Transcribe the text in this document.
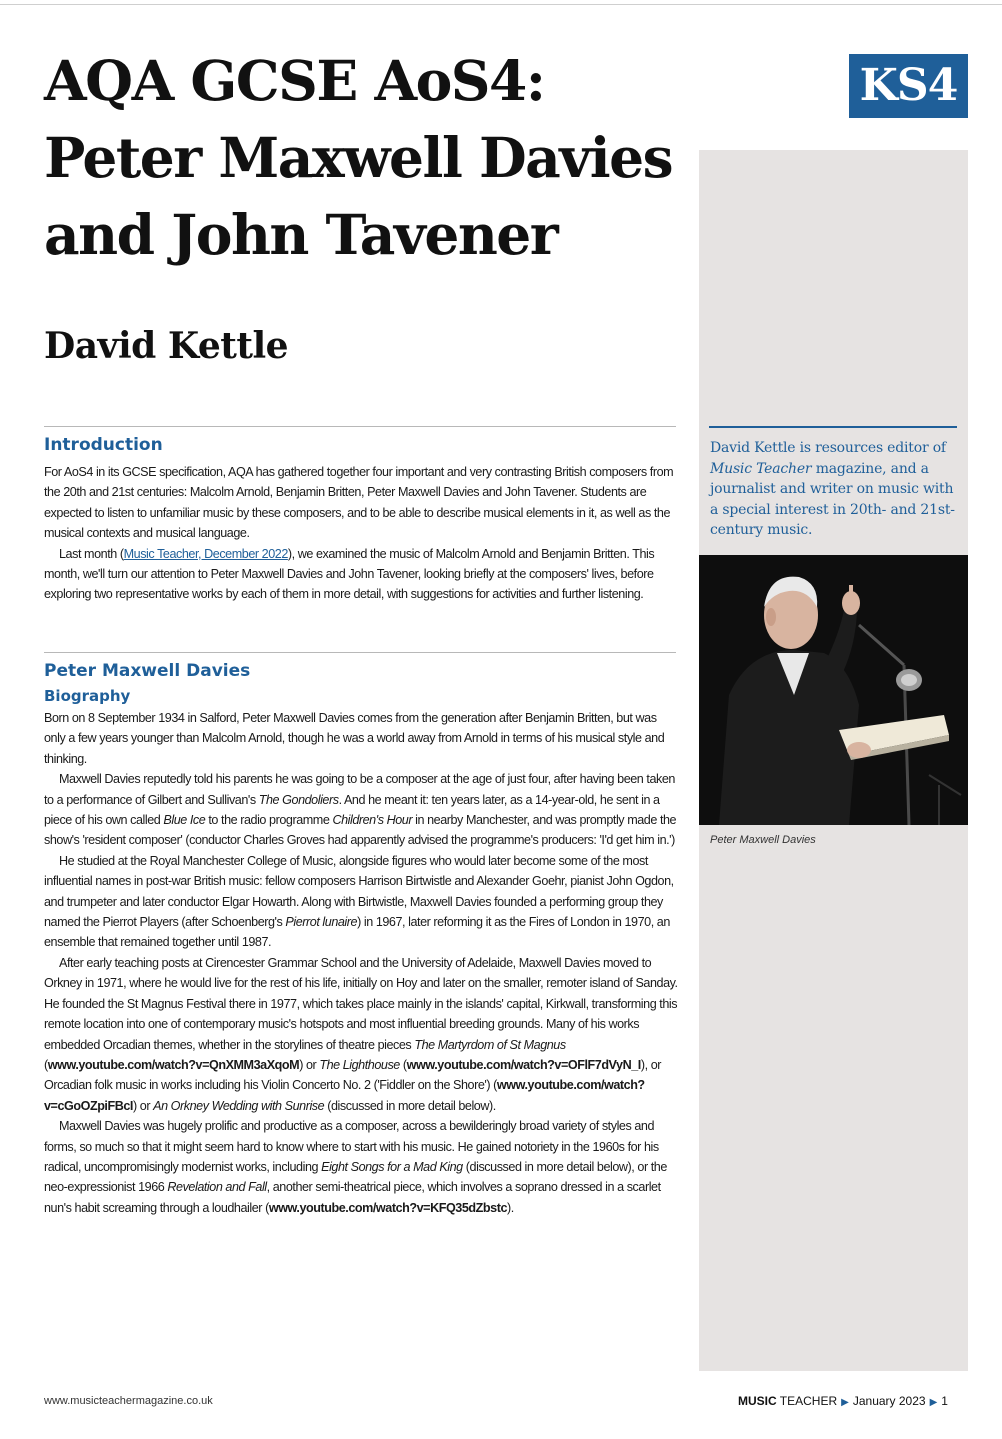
AQA GCSE AoS4:
Peter Maxwell Davies
and John Tavener
David Kettle
KS4
David Kettle is resources editor of Music Teacher magazine, and a journalist and writer on music with a special interest in 20th- and 21st-century music.
Peter Maxwell Davies
Introduction

For AoS4 in its GCSE specification, AQA has gathered together four important and very contrasting British composers from the 20th and 21st centuries: Malcolm Arnold, Benjamin Britten, Peter Maxwell Davies and John Tavener. Students are expected to listen to unfamiliar music by these composers, and to be able to describe musical elements in it, as well as the musical contexts and musical language.

Last month (Music Teacher, December 2022), we examined the music of Malcolm Arnold and Benjamin Britten. This month, we'll turn our attention to Peter Maxwell Davies and John Tavener, looking briefly at the composers' lives, before exploring two representative works by each of them in more detail, with suggestions for activities and further listening.

Peter Maxwell Davies
Biography

Born on 8 September 1934 in Salford, Peter Maxwell Davies comes from the generation after Benjamin Britten, but was only a few years younger than Malcolm Arnold, though he was a world away from Arnold in terms of his musical style and thinking.

Maxwell Davies reputedly told his parents he was going to be a composer at the age of just four, after having been taken to a performance of Gilbert and Sullivan's The Gondoliers. And he meant it: ten years later, as a 14-year-old, he sent in a piece of his own called Blue Ice to the radio programme Children's Hour in nearby Manchester, and was promptly made the show's 'resident composer' (conductor Charles Groves had apparently advised the programme's producers: 'I'd get him in.')

He studied at the Royal Manchester College of Music, alongside figures who would later become some of the most influential names in post-war British music: fellow composers Harrison Birtwistle and Alexander Goehr, pianist John Ogdon, and trumpeter and later conductor Elgar Howarth. Along with Birtwistle, Maxwell Davies founded a performing group they named the Pierrot Players (after Schoenberg's Pierrot lunaire) in 1967, later reforming it as the Fires of London in 1970, an ensemble that remained together until 1987.

After early teaching posts at Cirencester Grammar School and the University of Adelaide, Maxwell Davies moved to Orkney in 1971, where he would live for the rest of his life, initially on Hoy and later on the smaller, remoter island of Sanday. He founded the St Magnus Festival there in 1977, which takes place mainly in the islands' capital, Kirkwall, transforming this remote location into one of contemporary music's hotspots and most influential breeding grounds. Many of his works embedded Orcadian themes, whether in the storylines of theatre pieces The Martyrdom of St Magnus (www.youtube.com/watch?v=QnXMM3aXqoM) or The Lighthouse (www.youtube.com/watch?v=OFlF7dVyN_I), or Orcadian folk music in works including his Violin Concerto No. 2 ('Fiddler on the Shore') (www.youtube.com/watch?v=cGoOZpiFBcI) or An Orkney Wedding with Sunrise (discussed in more detail below).

Maxwell Davies was hugely prolific and productive as a composer, across a bewilderingly broad variety of styles and forms, so much so that it might seem hard to know where to start with his music. He gained notoriety in the 1960s for his radical, uncompromisingly modernist works, including Eight Songs for a Mad King (discussed in more detail below), or the neo-expressionist 1966 Revelation and Fall, another semi-theatrical piece, which involves a soprano dressed in a scarlet nun's habit screaming through a loudhailer (www.youtube.com/watch?v=KFQ35dZbstc).

www.musicteachermagazine.co.uk	MUSIC TEACHER ▶ January 2023 ▶ 1
